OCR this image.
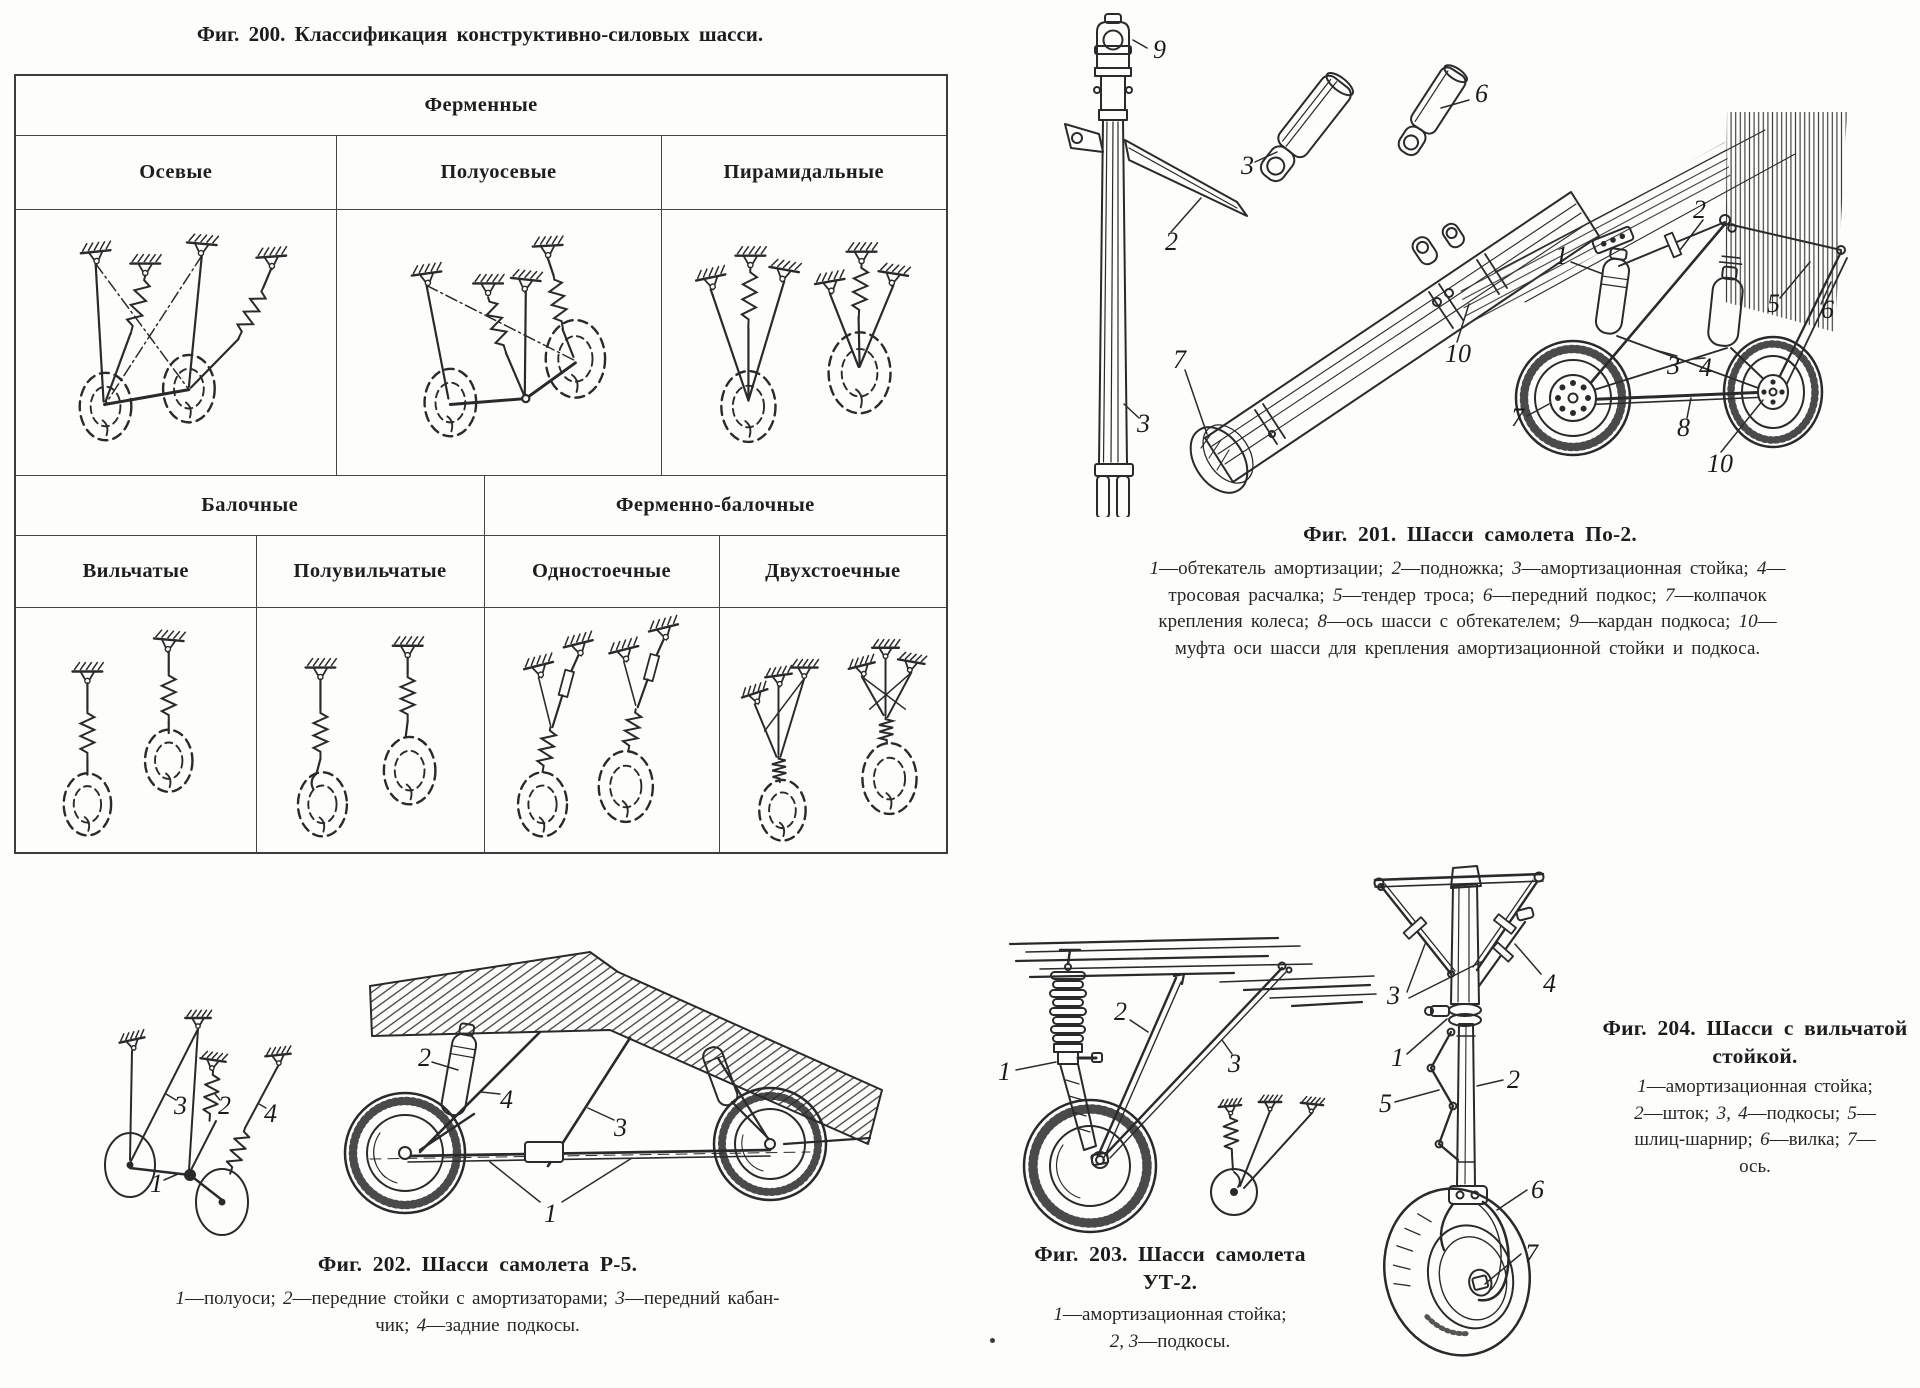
Фиг. 200. Классификация конструктивно-силовых шасси.
Ферменные					
Осевые		Полуосевые		Пирамидальные	

Балочные			Ферменно-балочные		
Вильчатые	Полувильчатые		Одностоечные		Двухстоечные

9
2
3
3
6
7	10
1
2
3 4
5 6
7	8
10
Фиг. 201. Шасси самолета По-2.
1—обтекатель амортизации; 2—подножка; 3—амортизационная стойка; 4—
тросовая расчалка; 5—тендер троса; 6—передний подкос; 7—колпачок
крепления колеса; 8—ось шасси с обтекателем; 9—кардан подкоса; 10—
муфта оси шасси для крепления амортизационной стойки и подкоса.
3 2 4
1
2
4
3
1
Фиг. 202. Шасси самолета Р-5.
1—полуоси; 2—передние стойки с амортизаторами; 3—передний кабан-
чик; 4—задние подкосы.
1
2
3
Фиг. 203. Шасси самолета
УТ-2.
1—амортизационная стойка;
2, 3—подкосы.
3	4
1
2
5
6
7
Фиг. 204. Шасси с вильчатой
стойкой.
1—амортизационная стойка;
2—шток; 3, 4—подкосы; 5—
шлиц-шарнир; 6—вилка; 7—
ось.
